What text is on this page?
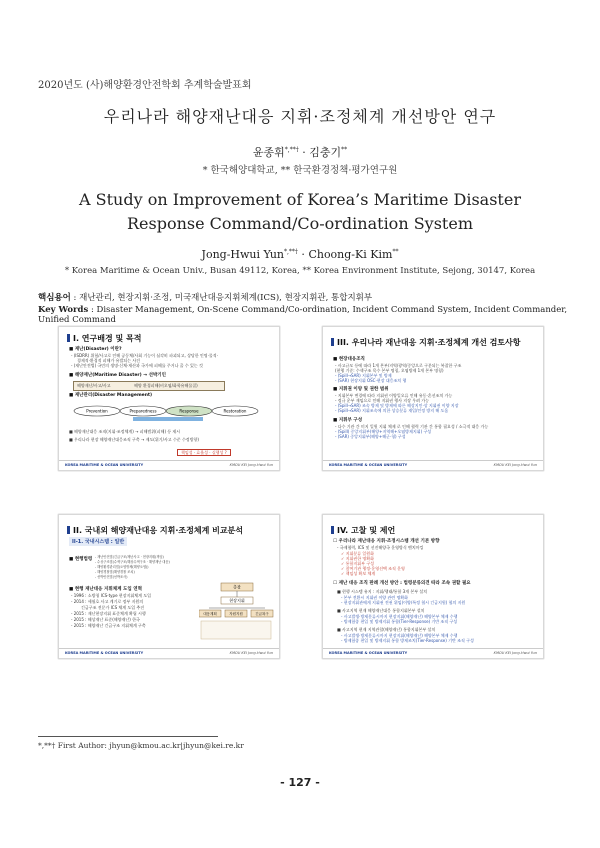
2020년도 (사)해양환경안전학회 추계학술발표회
우리나라 해양재난대응 지휘·조정체계 개선방안 연구
윤종휘*,**† · 김충기**
* 한국해양대학교, ** 한국환경정책·평가연구원
A Study on Improvement of Korea’s Maritime Disaster Response Command/Co-ordination System
Jong-Hwui Yun*,**† · Choong-Ki Kim**
* Korea Maritime & Ocean Univ., Busan 49112, Korea, ** Korea Environment Institute, Sejong, 30147, Korea
핵심용어 : 재난관리, 현장지휘·조정, 미국재난대응지휘체계(ICS), 현장지휘관, 통합지휘부
Key Words : Disaster Management, On-Scene Command/Co-ordination, Incident Command System, Incident Commander, Unified Command
I. 연구배경 및 목적
■ 재난(Disaster) 이란?
- (ISDRR) 위험/사고로 인해 공동체/사회 기능이 심각히 파괴되고, 상당한 인명·물적·
경제적·환경적 피해가 유발되는 사건
- (재난안전법) 국민의 생명·신체·재산과 국가에 피해를 주거나 줄 수 있는 것
■ 해양재난(Maritime Disaster) → 선박기인
해양재난/사고/사고	해양 환경피해(비오염/화학유해물질)
■ 재난관리(Disaster Management)
Prevention	Preparedness	Response	Restoration
■ 해양재난대응 조직(지휘·조정체계) → 피해범위(피해) 등 제시
■ 우리나라 현장 해양재난대응조직 구축 → 제도(위기/사고 수준 수정방향)
책임성 · 효율성 · 실행성 ?
KOREA MARITIME & OCEAN UNIVERSITY	KMOU KEI Jong-Hwui Yun
III. 우리나라 재난대응 지휘·조정체계 개선 검토사항
■ 현장대응조직
- 사고규모 등에 따라 1개 본부/지역/광역/중앙으로 구분되는 복잡한 구조
(현행 기준: 수색구조 목수 본부 명칭, 오염방제 1개 본부 명칭)
- (Spill→SAR) 지휘본부 및 방제
- (SAR) 현장지휘 OSC·현장 대응조치 행
■ 지휘권 이양 및 권한 범위
- 지휘본부 변경에 따라 지휘권 이양일오류 인해 유동·혼선조치 가능
- 정규 운부 재임으로 인해 지휘권 행사 지장 우려 가능
- (Spill→SAR) 조속 방제 및 방제에 따른 해상지인·상 지휘권 이양 지장
- (Spill→SAR) 지휘조속에 의한 상승분류 재입/인정 방지 해 도움
■ 지휘부 구성
- 다수 기관 간 미지 일원 지휘 체제 로 인해 협력 기관 간 통합 필요성 / 소극적 대응 가능
- (Spill) 중앙지휘부(해양+지역해+오염방제지휘) 구성
- (SAR) 중앙지휘부(해양+해군·청) 구성
KOREA MARITIME & OCEAN UNIVERSITY	KMOU KEI Jong-Hwui Yun
II. 국내외 해양재난대응 지휘·조정체계 비교분석
II-1. 국내시스템 : 일반
■ 현행법령 - 재난안전법(긴급구조/재난사고 · 현장지휘(책임)
- 수상구조법(수색구조/해상수색구조 · 해양재난 대응)
- 해양환경관리법(오염방제(해양오염))
- 해양경찰법(해양경찰 조치)
- 선박안전법(선박조사)
■ 현행 재난대응 지휘체계 도입 연혁
- 1996 : 소방청 ICS-type 현장지휘체계 도입
- 2014 : 세월호 사고 계기로 정부 지원의
긴급구조 전문가 ICS 체계 도입 추진
- 2015 : 재난현장지휘 표준체계 확립 시행
- 2015 : 해상재난 표준(해양재난) 한국
- 2015 : 해양재난 긴급구조 지휘체계 구축
총괄
현장지휘
대응계획	자원지원	긴급복구
KOREA MARITIME & OCEAN UNIVERSITY	KMOU KEI Jong-Hwui Yun
IV. 고찰 및 제언
☐ 우리나라 재난대응 지휘·조정시스템 개선 기본 방향
- 국제협력, ICS 및 선진해양국 운영방식 벤치마킹
✓ 지휘분류 일원화
✓ 지휘권한 명확화
✓ 통합지휘부 구성
✓ 참여기관 행정·운영선택 조직 운영
✓ 책임성 확보 체계
☐ 재난 대응 조직 판례 개선 방안 : 법령분류의견 따라 조속 권할 필요
■ 현행 시스템 유지 : 지휘/행태/통합 3개 본부 설치
- 본부 전환시 지휘권 이양 관련 명확화
- 현장지휘관에게 지휘권 전권 위임(이양/특정 협시 긴급지원) 협의 지원
■ 사고지역 현재 해양재난대응 통합지휘본부 설치
- 사고발생·방제분류시까지 현장지휘(해양재난) 해양본부 체제 수행
- 방제함종 편입 및 방제지휘 통합(Tier-Response) 기반 조직 구성
■ 사고지역 현재 지역관할(해양재난) 통합지휘본부 설치
- 사고발생·방제분류시까지 현장지휘(해양재난) 해양본부 체제 수행
- 방제함종 편입 및 방제지휘 통합 방제조치(Tier-Response) 기반 조직 구성
KOREA MARITIME & OCEAN UNIVERSITY	KMOU KEI Jong-Hwui Yun
*,**† First Author: jhyun@kmou.ac.kr|jhyun@kei.re.kr
- 127 -
